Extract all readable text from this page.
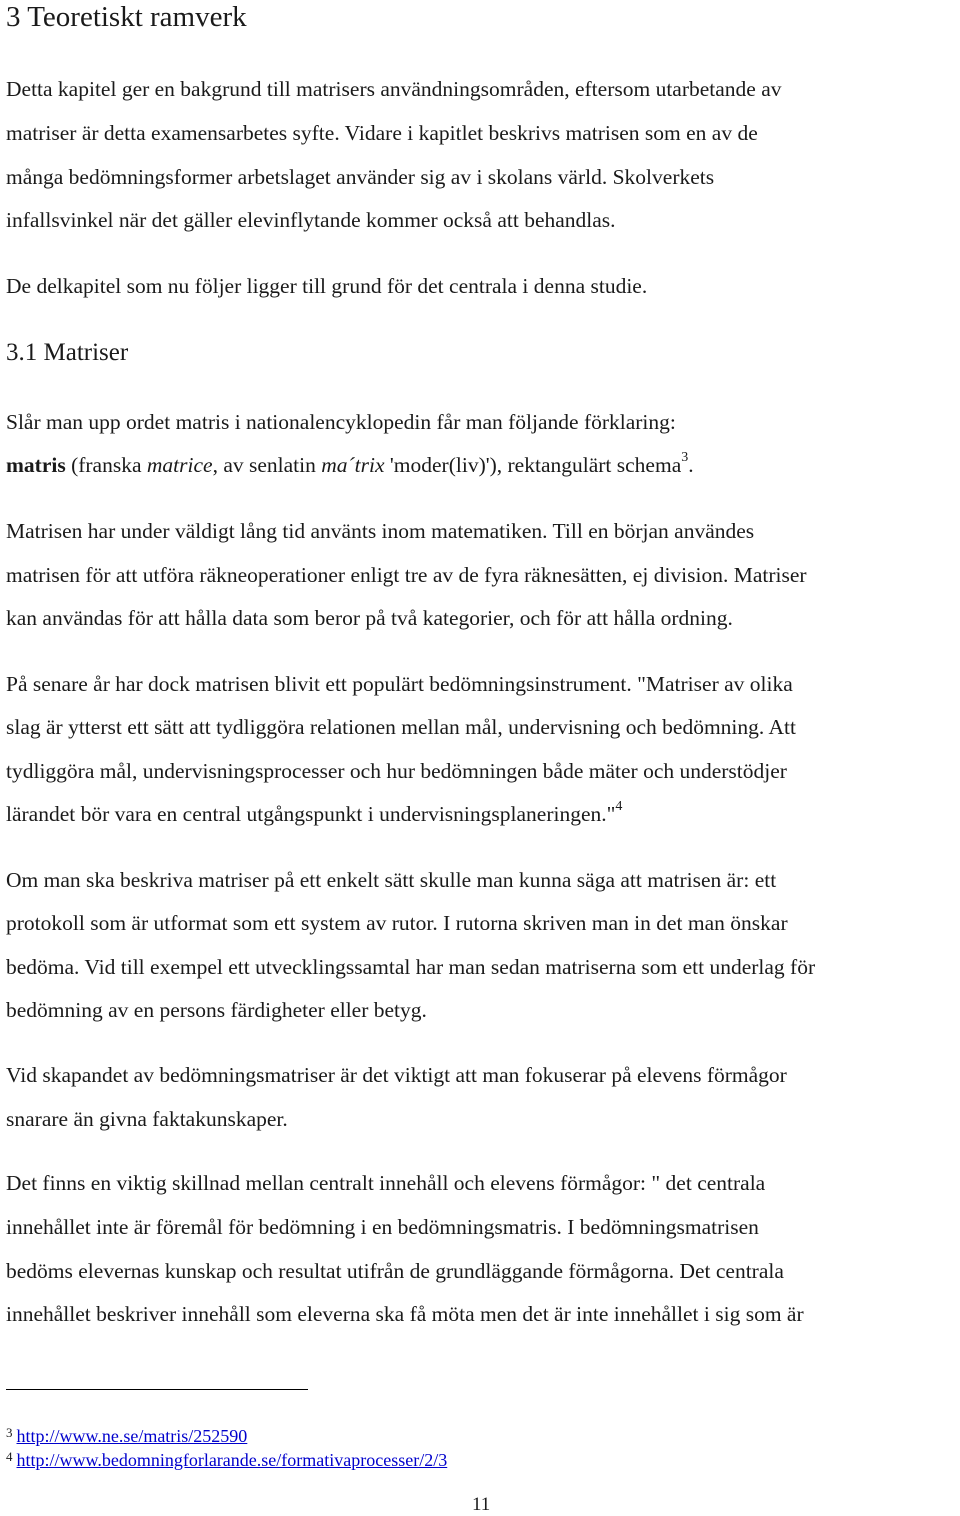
3 Teoretiskt ramverk

Detta kapitel ger en bakgrund till matrisers användningsområden, eftersom utarbetande av

matriser är detta examensarbetes syfte. Vidare i kapitlet beskrivs matrisen som en av de

många bedömningsformer arbetslaget använder sig av i skolans värld. Skolverkets

infallsvinkel när det gäller elevinflytande kommer också att behandlas.

De delkapitel som nu följer ligger till grund för det centrala i denna studie.

3.1 Matriser

Slår man upp ordet matris i nationalencyklopedin får man följande förklaring:

matris (franska matrice, av senlatin ma´trix 'moder(liv)'), rektangulärt schema$^3$.

Matrisen har under väldigt lång tid använts inom matematiken. Till en början användes

matrisen för att utföra räkneoperationer enligt tre av de fyra räknesätten, ej division. Matriser

kan användas för att hålla data som beror på två kategorier, och för att hålla ordning.

På senare år har dock matrisen blivit ett populärt bedömningsinstrument. "Matriser av olika

slag är ytterst ett sätt att tydliggöra relationen mellan mål, undervisning och bedömning. Att

tydliggöra mål, undervisningsprocesser och hur bedömningen både mäter och understödjer

lärandet bör vara en central utgångspunkt i undervisningsplaneringen."$^4$

Om man ska beskriva matriser på ett enkelt sätt skulle man kunna säga att matrisen är: ett

protokoll som är utformat som ett system av rutor. I rutorna skriven man in det man önskar

bedöma. Vid till exempel ett utvecklingssamtal har man sedan matriserna som ett underlag för

bedömning av en persons färdigheter eller betyg.

Vid skapandet av bedömningsmatriser är det viktigt att man fokuserar på elevens förmågor

snarare än givna faktakunskaper.

Det finns en viktig skillnad mellan centralt innehåll och elevens förmågor: " det centrala

innehållet inte är föremål för bedömning i en bedömningsmatris. I bedömningsmatrisen

bedöms elevernas kunskap och resultat utifrån de grundläggande förmågorna. Det centrala

innehållet beskriver innehåll som eleverna ska få möta men det är inte innehållet i sig som är

$^3$ http://www.ne.se/matris/252590
$^4$ http://www.bedomningforlarande.se/formativaprocesser/2/3
11
